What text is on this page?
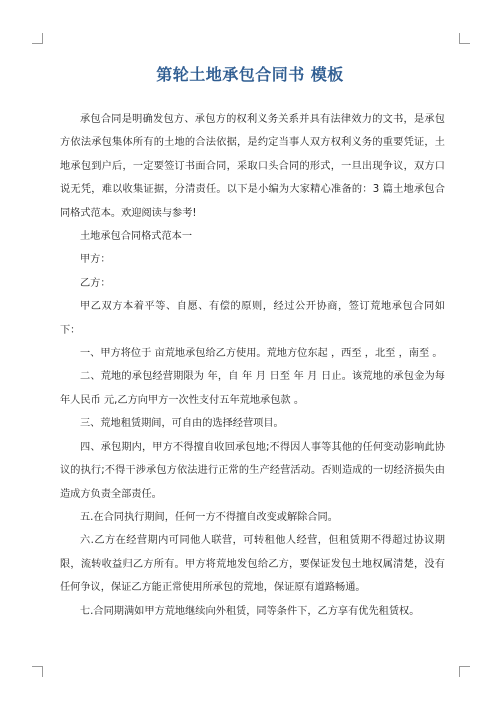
第轮土地承包合同书 模板

承包合同是明确发包方、承包方的权利义务关系并具有法律效力的文书，是承包方依法承包集体所有的土地的合法依据，是约定当事人双方权利义务的重要凭证，土地承包到户后，一定要签订书面合同，采取口头合同的形式，一旦出现争议，双方口说无凭，难以收集证据，分清责任。以下是小编为大家精心准备的：3 篇土地承包合同格式范本。欢迎阅读与参考!

土地承包合同格式范本一

甲方：

乙方：

甲乙双方本着平等、自愿、有偿的原则，经过公开协商，签订荒地承包合同如下：

一、甲方将位于 亩荒地承包给乙方使用。荒地方位东起 ，西至 ，北至 ，南至 。

二、荒地的承包经营期限为 年，自 年 月 日至 年 月 日止。该荒地的承包金为每年人民币 元,乙方向甲方一次性支付五年荒地承包款 。

三、荒地租赁期间，可自由的选择经营项目。

四、承包期内，甲方不得擅自收回承包地;不得因人事等其他的任何变动影响此协议的执行;不得干涉承包方依法进行正常的生产经营活动。否则造成的一切经济损失由造成方负责全部责任。

五.在合同执行期间，任何一方不得擅自改变或解除合同。

六.乙方在经营期内可同他人联营，可转租他人经营，但租赁期不得超过协议期限，流转收益归乙方所有。甲方将荒地发包给乙方，要保证发包土地权属清楚，没有任何争议，保证乙方能正常使用所承包的荒地，保证原有道路畅通。

七.合同期满如甲方荒地继续向外租赁，同等条件下，乙方享有优先租赁权。
